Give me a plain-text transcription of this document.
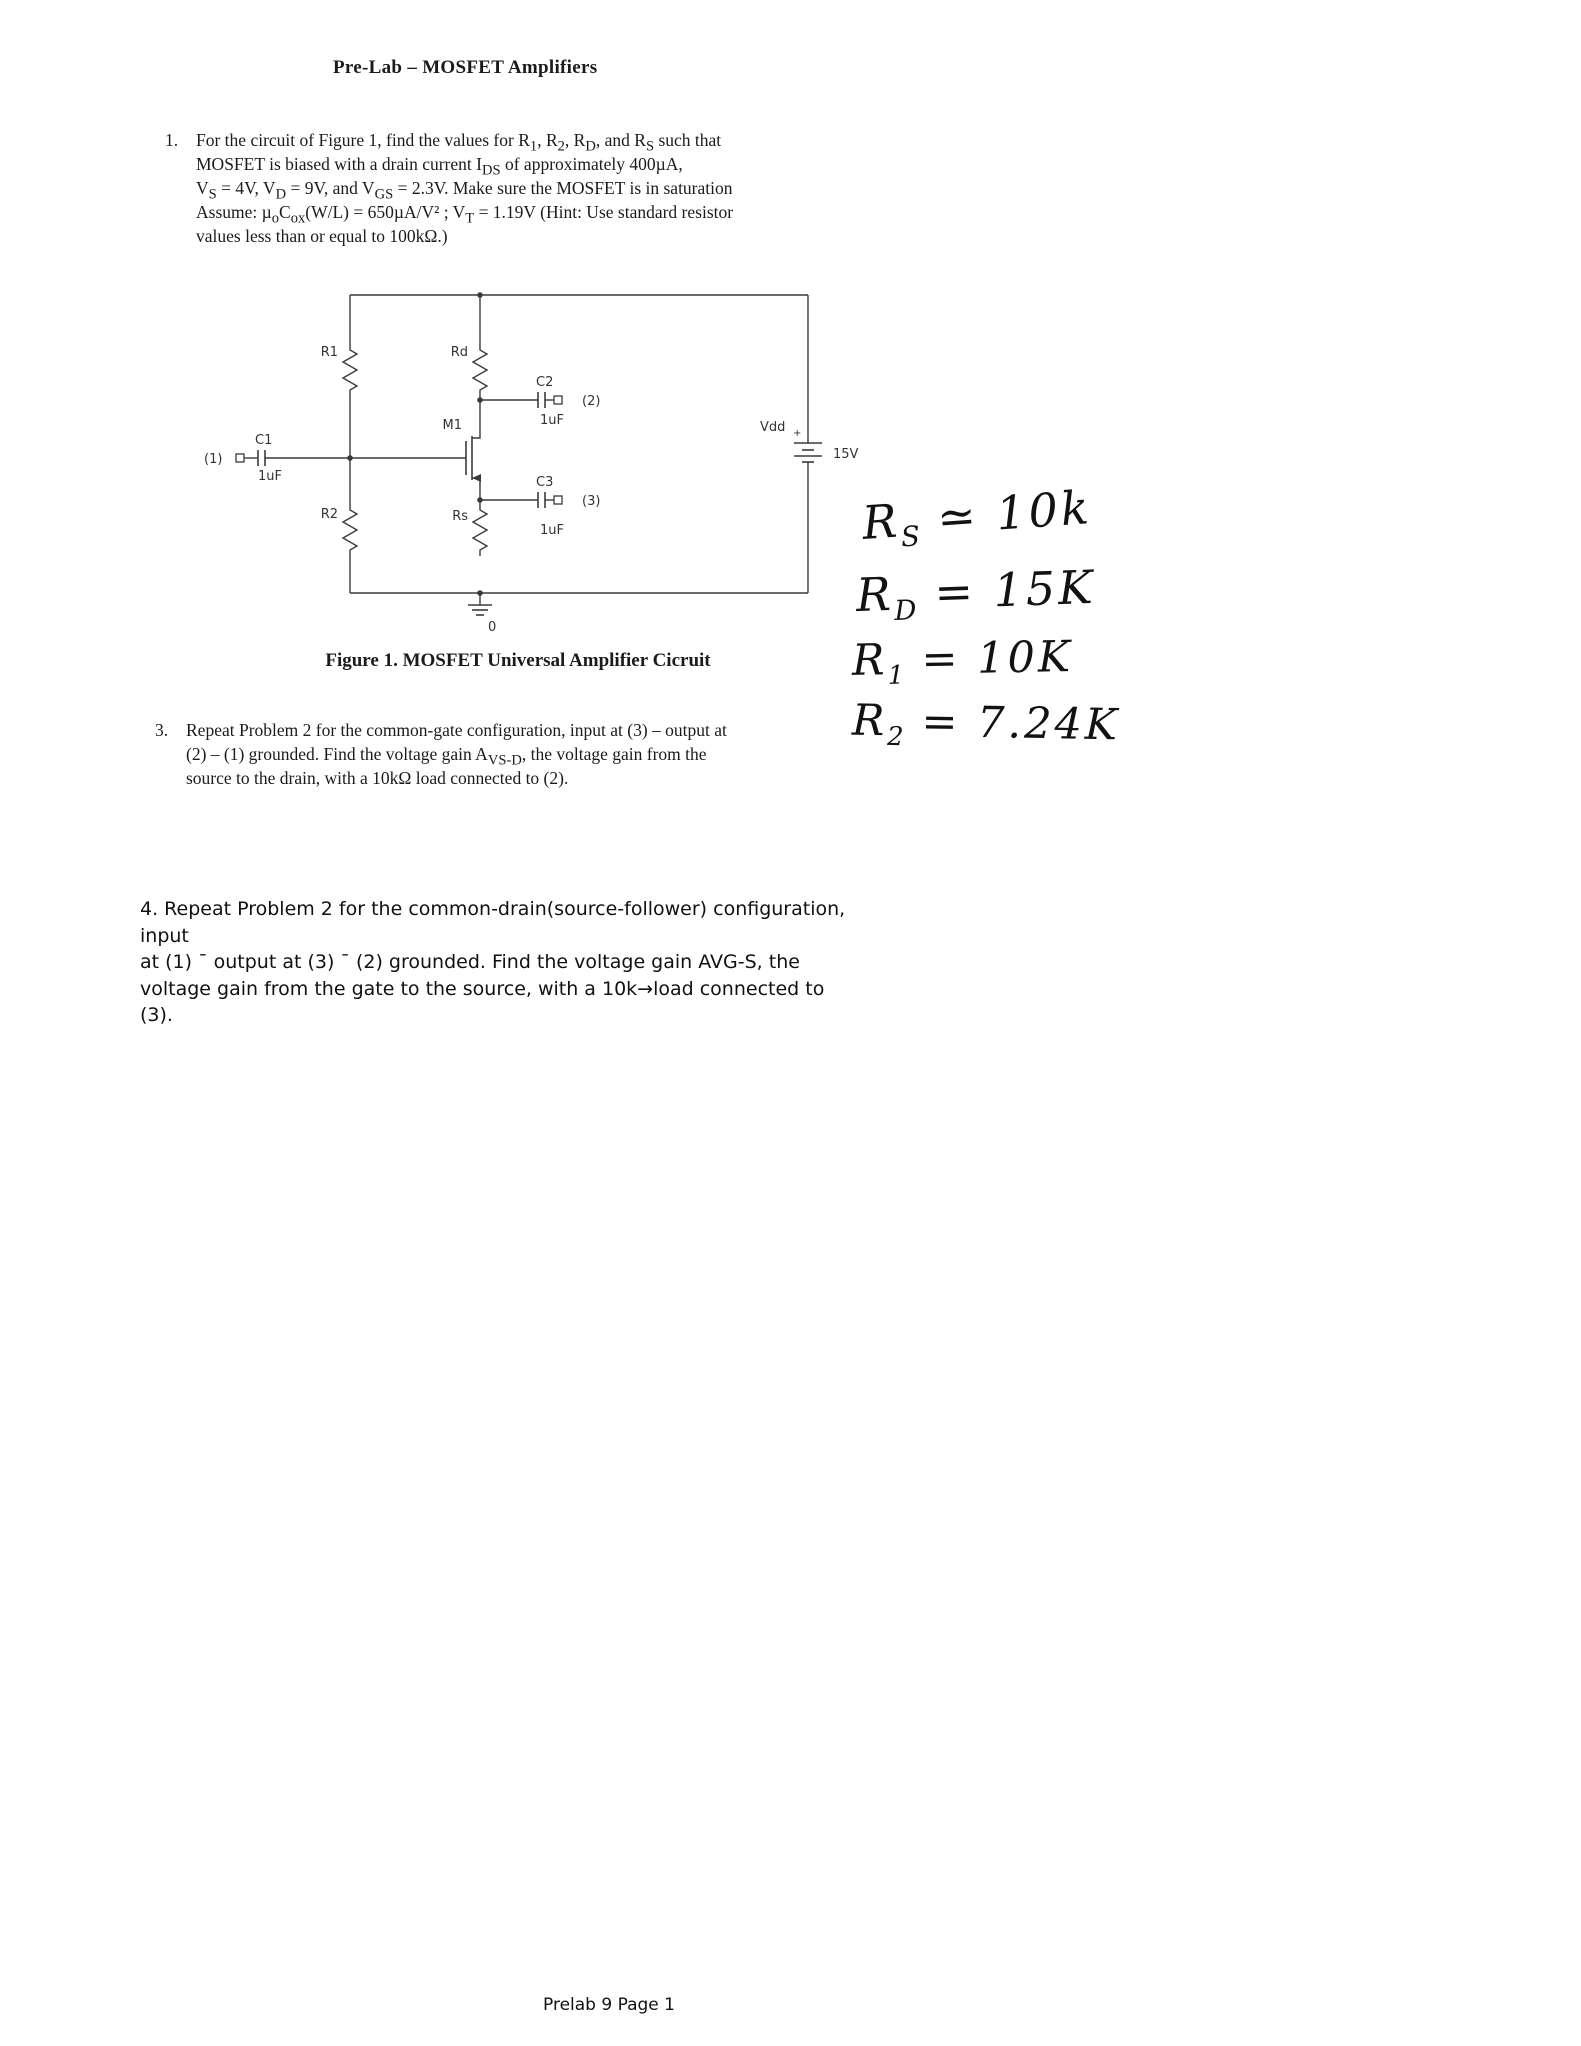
Pre-Lab – MOSFET Amplifiers
1.	For the circuit of Figure 1, find the values for $R_1$, $R_2$, $R_D$, and $R_S$ such that
MOSFET is biased with a drain current $I_{DS}$ of approximately 400µA,
$V_S = 4V$, $V_D = 9V$, and $V_{GS} = 2.3V$. Make sure the MOSFET is in saturation
Assume: $\mu_oC_{ox}(W/L) = 650\mu A/V^2$ ; $V_T = 1.19V$ (Hint: Use standard resistor
values less than or equal to 100kΩ.)
R1	Rd
M1
R2	Rs
C1
1uF
C2
1uF
C3
1uF
(1)
(2)
(3)
Vdd +
15V
0
Figure 1. MOSFET Universal Amplifier Cicruit
$R_S$ ≃ 10k
$R_D = 15K$
$R_1 = 10K$
$R_2 = 7.24K$
3.	Repeat Problem 2 for the common-gate configuration, input at (3) – output at
(2) – (1) grounded. Find the voltage gain $A_{VS-D}$, the voltage gain from the
source to the drain, with a 10kΩ load connected to (2).
4. Repeat Problem 2 for the common-drain(source-follower) configuration,
input
at (1) ¯ output at (3) ¯ (2) grounded. Find the voltage gain AVG-S, the
voltage gain from the gate to the source, with a 10k→load connected to
(3).
Prelab 9 Page 1
